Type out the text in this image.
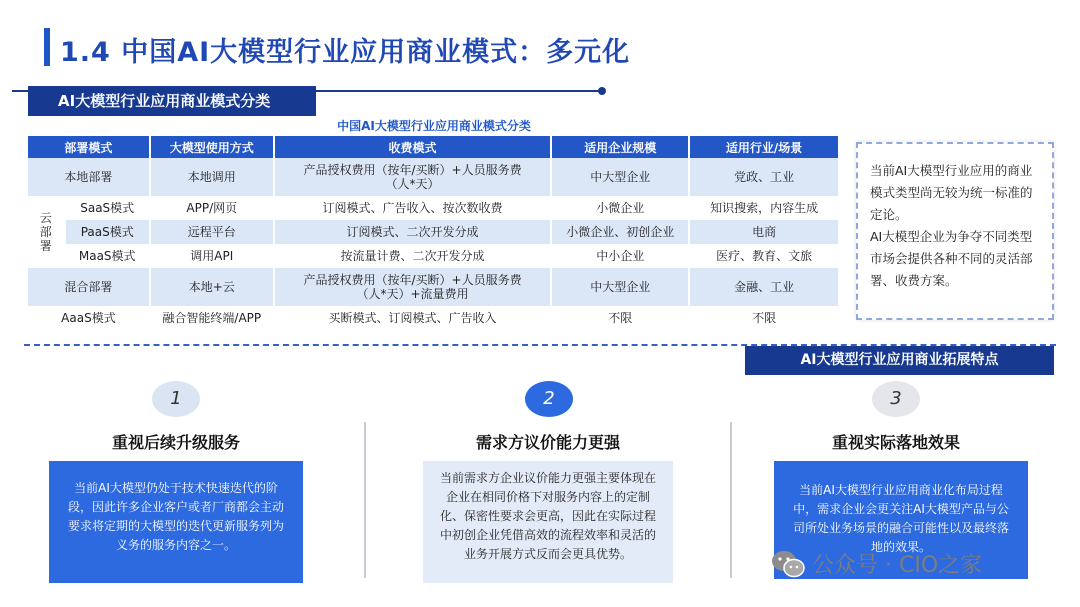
1.4 中国AI大模型行业应用商业模式：多元化
AI大模型行业应用商业模式分类
中国AI大模型行业应用商业模式分类
部署模式		大模型使用方式	收费模式	适用企业规模	适用行业/场景
本地部署		本地调用	产品授权费用（按年/买断）+人员服务费（人*天）	中大型企业	党政、工业
云部署	SaaS模式	APP/网页	订阅模式、广告收入、按次数收费	小微企业	知识搜索，内容生成
	PaaS模式	远程平台	订阅模式、二次开发分成	小微企业、初创企业	电商
	MaaS模式	调用API	按流量计费、二次开发分成	中小企业	医疗、教育、文旅
混合部署		本地+云	产品授权费用（按年/买断）+人员服务费（人*天）+流量费用	中大型企业	金融、工业
AaaS模式		融合智能终端/APP	买断模式、订阅模式、广告收入	不限	不限

当前AI大模型行业应用的商业模式类型尚无较为统一标准的定论。

AI大模型企业为争夺不同类型市场会提供各种不同的灵活部署、收费方案。

AI大模型行业应用商业拓展特点
1
重视后续升级服务
当前AI大模型仍处于技术快速迭代的阶段，因此许多企业客户或者厂商都会主动要求将定期的大模型的迭代更新服务列为义务的服务内容之一。
2
需求方议价能力更强
当前需求方企业议价能力更强主要体现在企业在相同价格下对服务内容上的定制化、保密性要求会更高，因此在实际过程中初创企业凭借高效的流程效率和灵活的业务开展方式反而会更具优势。
3
重视实际落地效果
当前AI大模型行业应用商业化布局过程中，需求企业会更关注AI大模型产品与公司所处业务场景的融合可能性以及最终落地的效果。
公众号 · CIO之家
